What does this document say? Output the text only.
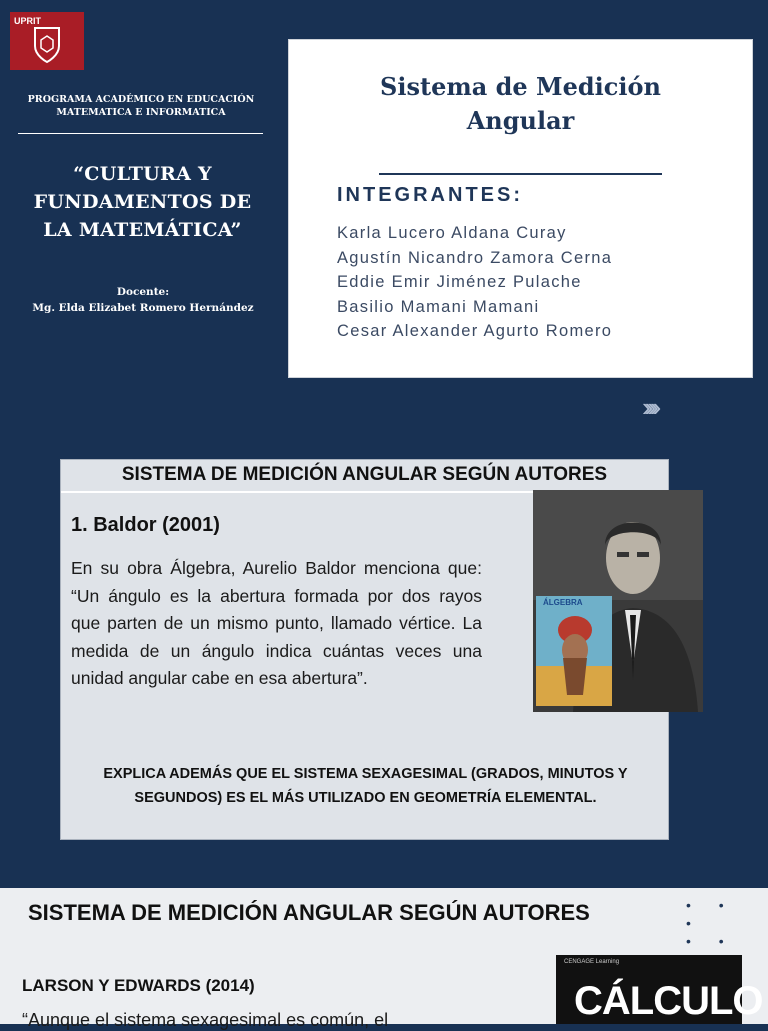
UPRIT
PROGRAMA ACADÉMICO EN EDUCACIÓN
MATEMATICA E INFORMATICA
“CULTURA Y
FUNDAMENTOS DE
LA MATEMÁTICA”
Docente:
Mg. Elda Elizabet Romero Hernández
Sistema de Medición
Angular
INTEGRANTES:
Karla Lucero Aldana Curay
Agustín Nicandro Zamora Cerna
Eddie Emir Jiménez Pulache
Basilio Mamani Mamani
Cesar Alexander Agurto Romero
›››››
SISTEMA DE MEDICIÓN ANGULAR SEGÚN AUTORES
1. Baldor (2001)
En su obra Álgebra, Aurelio Baldor menciona que: “Un ángulo es la abertura formada por dos rayos que parten de un mismo punto, llamado vértice. La medida de un ángulo indica cuántas veces una unidad angular cabe en esa abertura”.
EXPLICA ADEMÁS QUE EL SISTEMA SEXAGESIMAL (GRADOS, MINUTOS Y SEGUNDOS) ES EL MÁS UTILIZADO EN GEOMETRÍA ELEMENTAL.
ÁLGEBRA
SISTEMA DE MEDICIÓN ANGULAR SEGÚN AUTORES	• • •
• •
LARSON Y EDWARDS (2014)
“Aunque el sistema sexagesimal es común, el
CENGAGE Learning
CÁLCULO
